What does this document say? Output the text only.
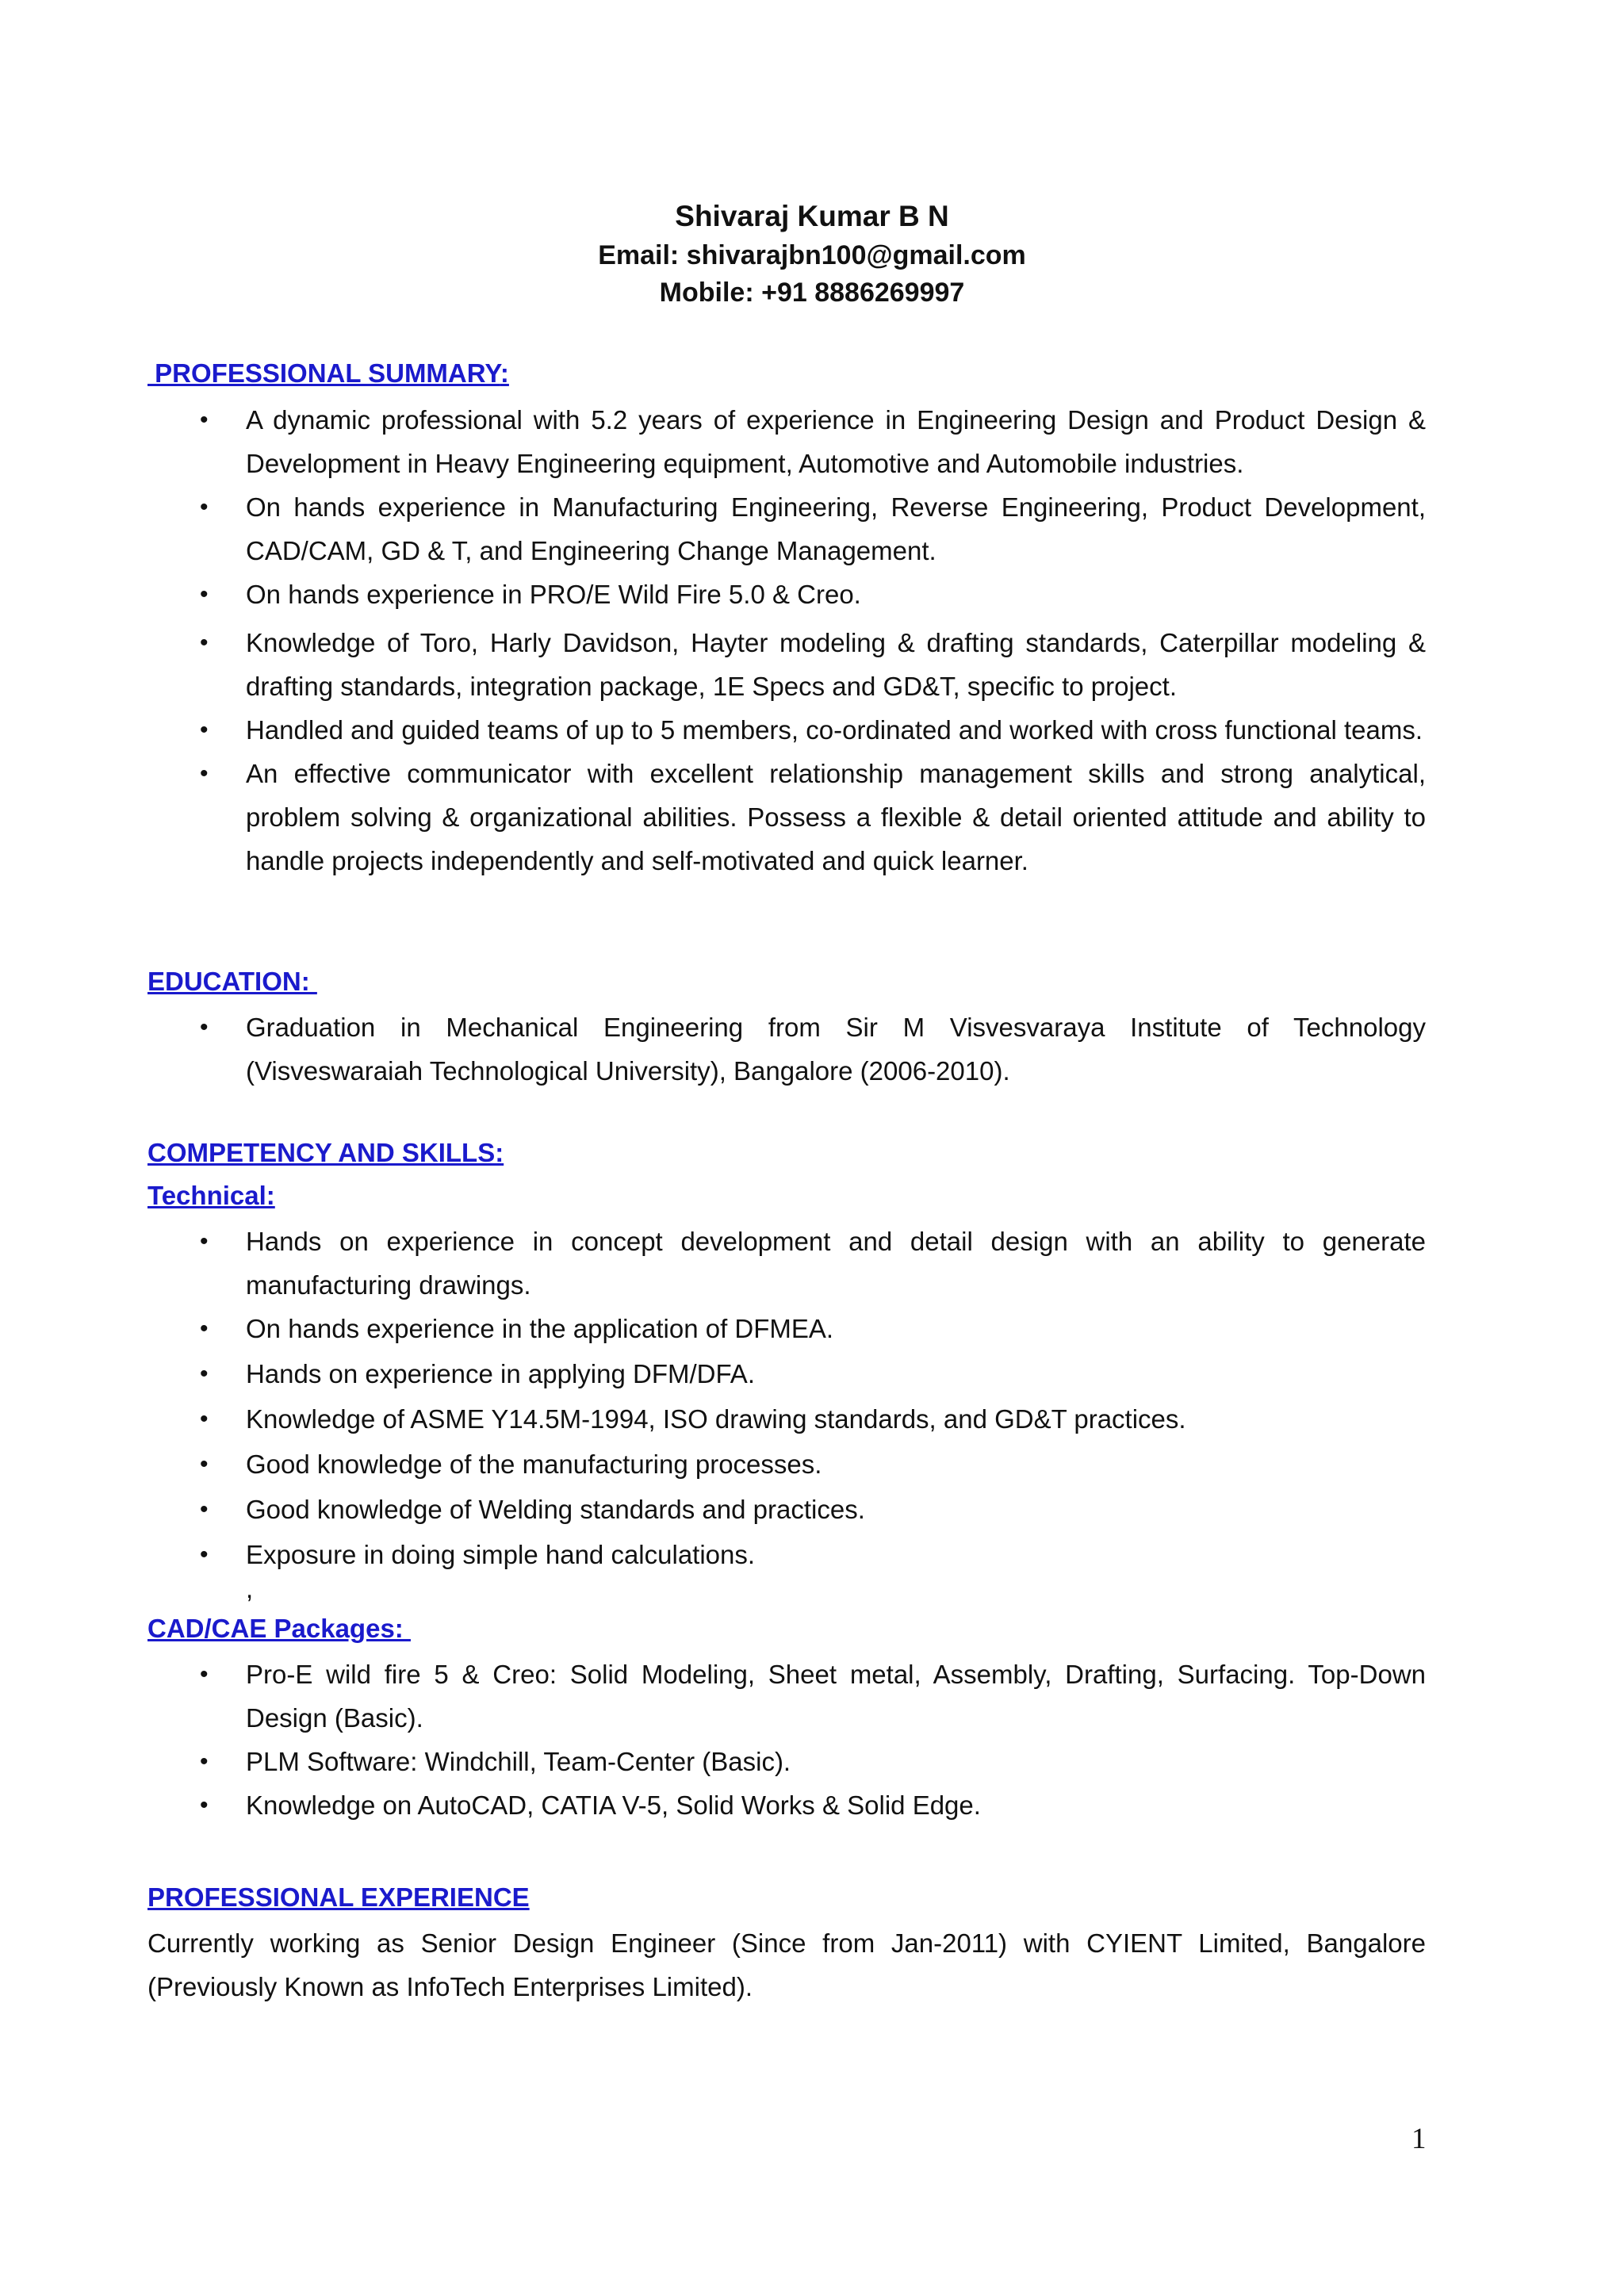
Shivaraj Kumar B N
Email: shivarajbn100@gmail.com
Mobile: +91 8886269997
PROFESSIONAL SUMMARY:
• A dynamic professional with 5.2 years of experience in Engineering Design and Product Design & Development in Heavy Engineering equipment, Automotive and Automobile industries.
• On hands experience in Manufacturing Engineering, Reverse Engineering, Product Development, CAD/CAM, GD & T, and Engineering Change Management.
• On hands experience in PRO/E Wild Fire 5.0 & Creo.
• Knowledge of Toro, Harly Davidson, Hayter modeling & drafting standards, Caterpillar modeling & drafting standards, integration package, 1E Specs and GD&T, specific to project.
• Handled and guided teams of up to 5 members, co-ordinated and worked with cross functional teams.
• An effective communicator with excellent relationship management skills and strong analytical, problem solving & organizational abilities. Possess a flexible & detail oriented attitude and ability to handle projects independently and self-motivated and quick learner.
EDUCATION:
• Graduation in Mechanical Engineering from Sir M Visvesvaraya Institute of Technology (Visveswaraiah Technological University), Bangalore (2006-2010).
COMPETENCY AND SKILLS:
Technical:
• Hands on experience in concept development and detail design with an ability to generate manufacturing drawings.
• On hands experience in the application of DFMEA.
• Hands on experience in applying DFM/DFA.
• Knowledge of ASME Y14.5M-1994, ISO drawing standards, and GD&T practices.
• Good knowledge of the manufacturing processes.
• Good knowledge of Welding standards and practices.
• Exposure in doing simple hand calculations.
,
CAD/CAE Packages:
• Pro-E wild fire 5 & Creo: Solid Modeling, Sheet metal, Assembly, Drafting, Surfacing. Top-Down Design (Basic).
• PLM Software: Windchill, Team-Center (Basic).
• Knowledge on AutoCAD, CATIA V-5, Solid Works & Solid Edge.
PROFESSIONAL EXPERIENCE
Currently working as Senior Design Engineer (Since from Jan-2011) with CYIENT Limited, Bangalore (Previously Known as InfoTech Enterprises Limited).
1
